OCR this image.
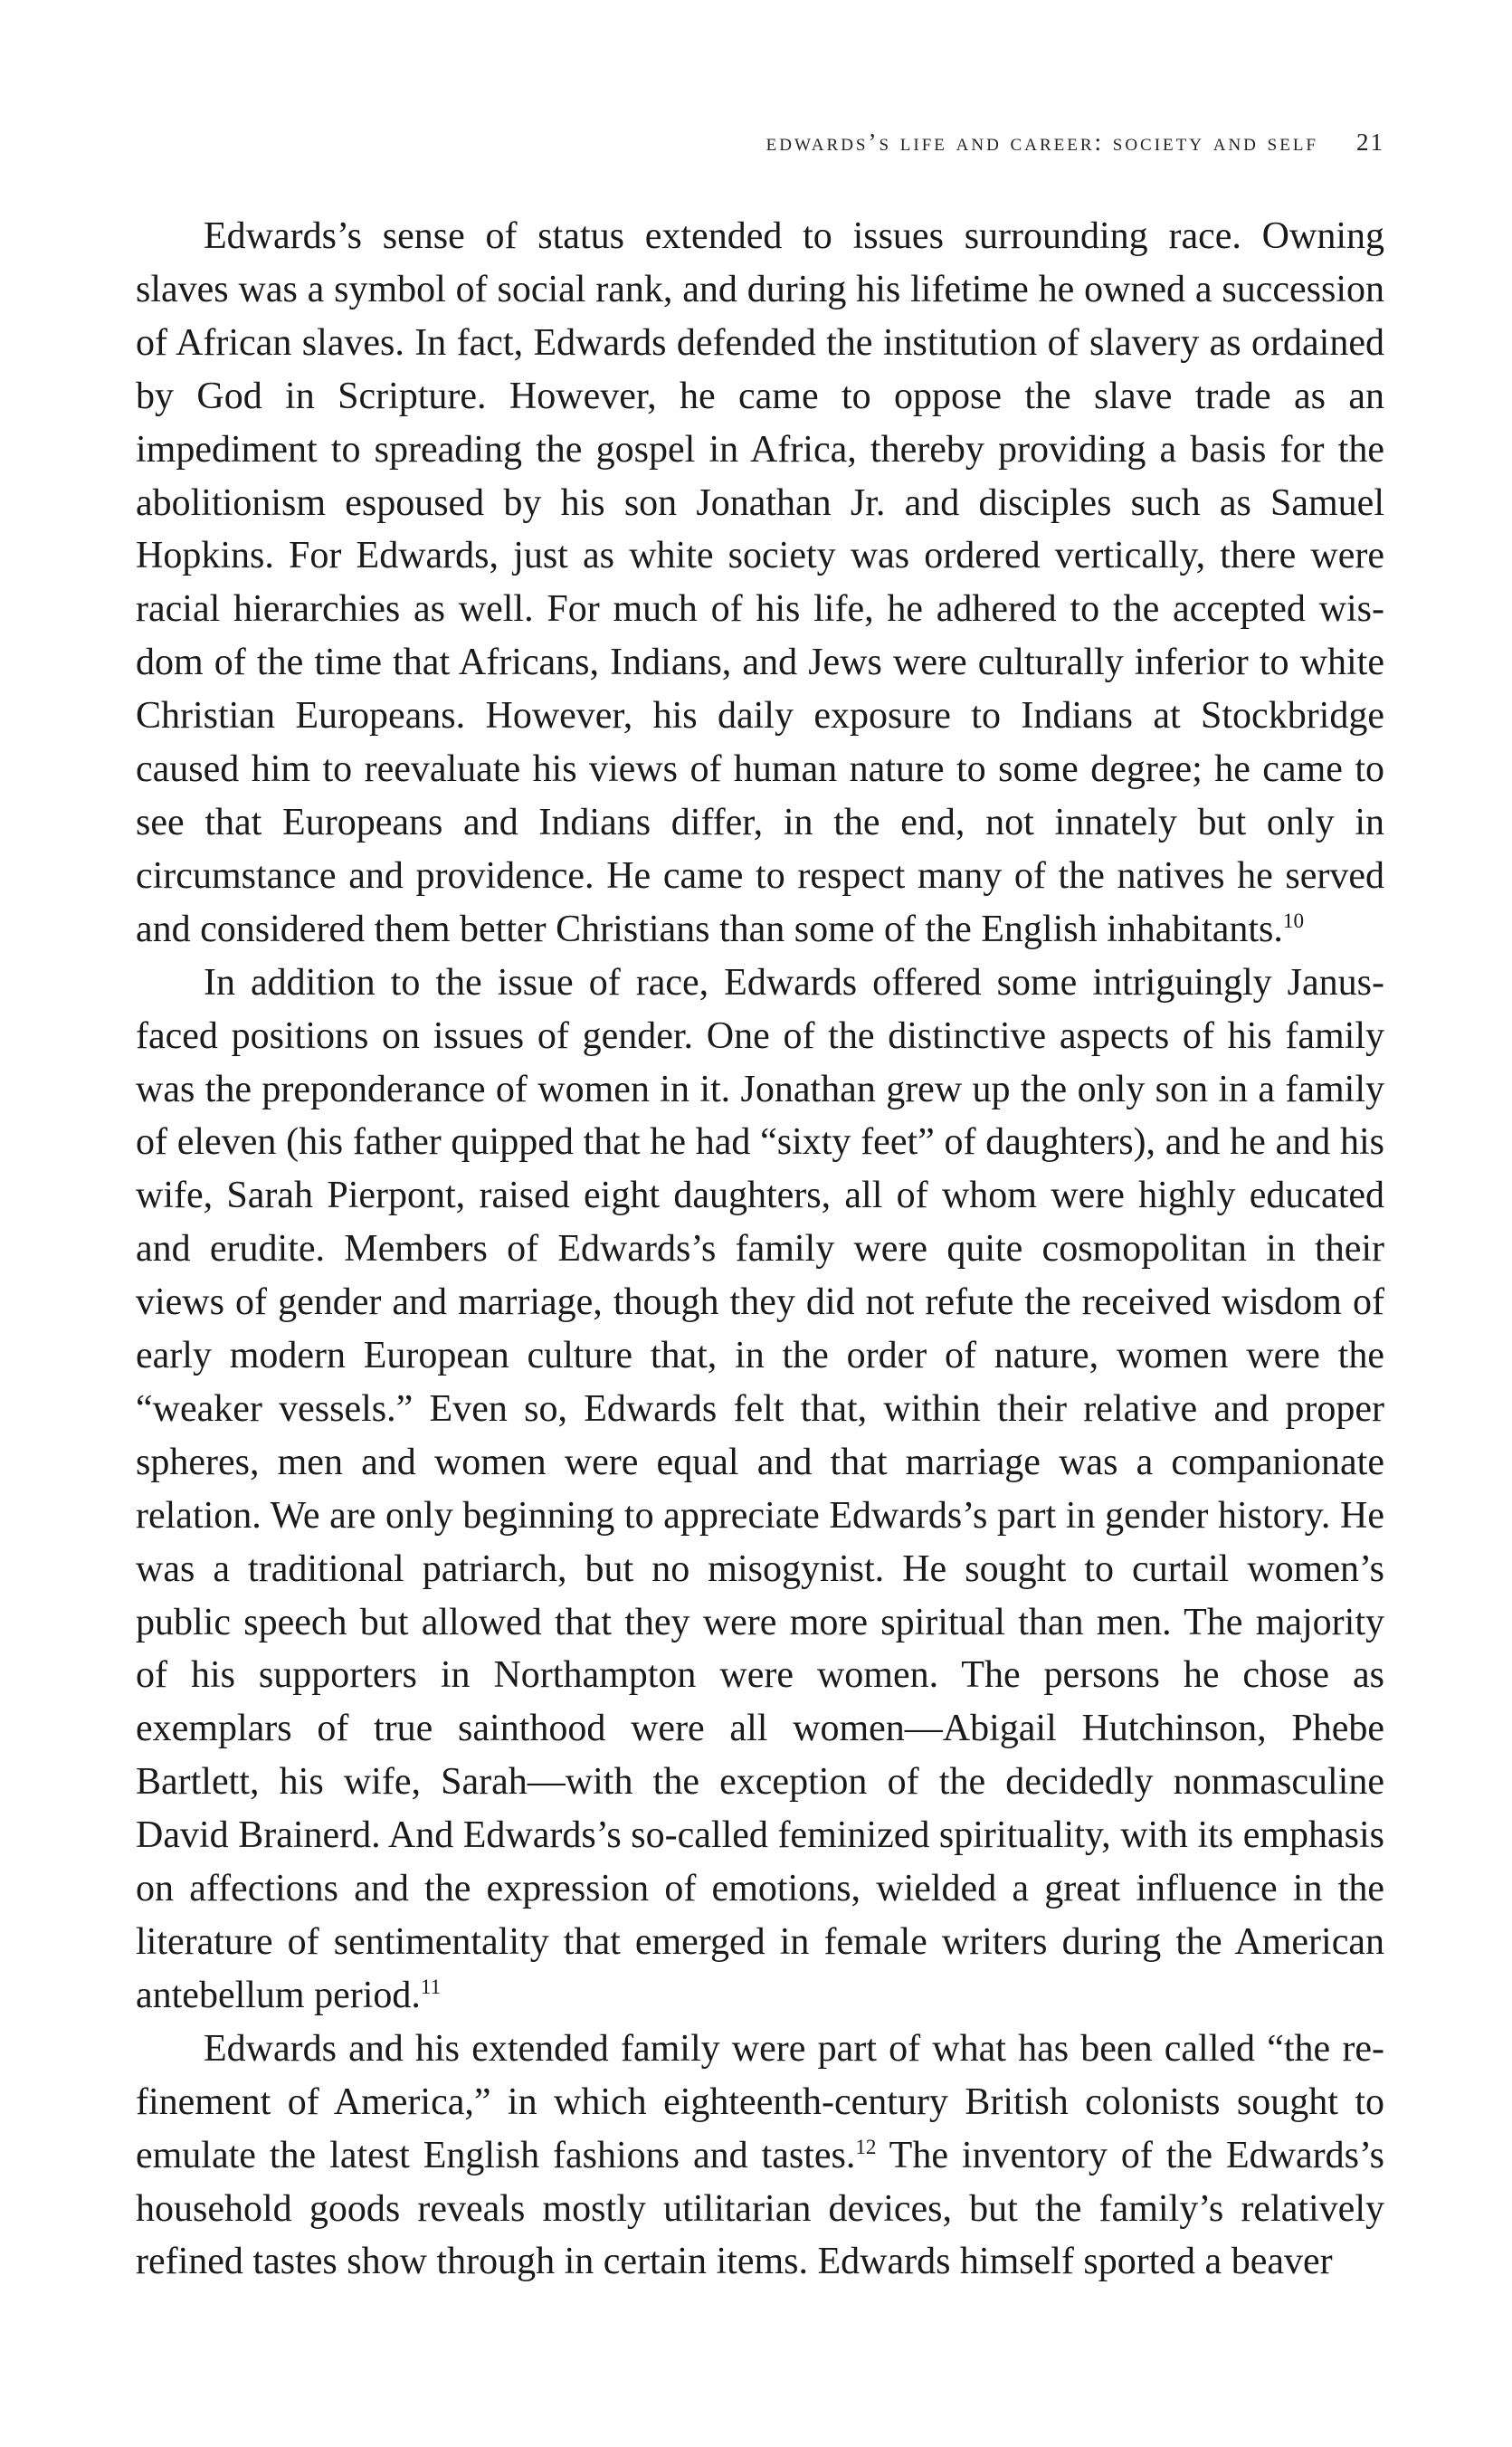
edwards’s life and career: society and self 21

Edwards’s sense of status extended to issues surrounding race. Owning slaves was a symbol of social rank, and during his lifetime he owned a succession of African slaves. In fact, Edwards defended the institution of slavery as ordained by God in Scripture. However, he came to oppose the slave trade as an impediment to spreading the gospel in Africa, thereby providing a basis for the abolitionism espoused by his son Jonathan Jr. and disciples such as Samuel Hopkins. For Edwards, just as white society was ordered vertically, there were racial hierarchies as well. For much of his life, he adhered to the accepted wisdom of the time that Africans, Indians, and Jews were culturally inferior to white Christian Europeans. However, his daily exposure to Indians at Stockbridge caused him to reevaluate his views of human nature to some degree; he came to see that Europeans and Indians differ, in the end, not innately but only in circumstance and providence. He came to respect many of the natives he served and considered them better Christians than some of the English inhabitants.$^{10}$

In addition to the issue of race, Edwards offered some intriguingly Janus-faced positions on issues of gender. One of the distinctive aspects of his family was the preponderance of women in it. Jonathan grew up the only son in a family of eleven (his father quipped that he had “sixty feet” of daughters), and he and his wife, Sarah Pierpont, raised eight daughters, all of whom were highly educated and erudite. Members of Edwards’s family were quite cosmopolitan in their views of gender and marriage, though they did not refute the received wisdom of early modern European culture that, in the order of nature, women were the “weaker vessels.” Even so, Edwards felt that, within their relative and proper spheres, men and women were equal and that marriage was a companionate relation. We are only beginning to appreciate Edwards’s part in gender history. He was a traditional patriarch, but no misogynist. He sought to curtail women’s public speech but allowed that they were more spiritual than men. The majority of his supporters in Northampton were women. The persons he chose as exemplars of true sainthood were all women—Abigail Hutchinson, Phebe Bartlett, his wife, Sarah—with the exception of the decidedly nonmasculine David Brainerd. And Edwards’s so-called feminized spirituality, with its emphasis on affections and the expression of emotions, wielded a great influence in the literature of sentimentality that emerged in female writers during the American antebellum period.$^{11}$

Edwards and his extended family were part of what has been called “the refinement of America,” in which eighteenth-century British colonists sought to emulate the latest English fashions and tastes.$^{12}$ The inventory of the Edwards’s household goods reveals mostly utilitarian devices, but the family’s relatively refined tastes show through in certain items. Edwards himself sported a beaver
